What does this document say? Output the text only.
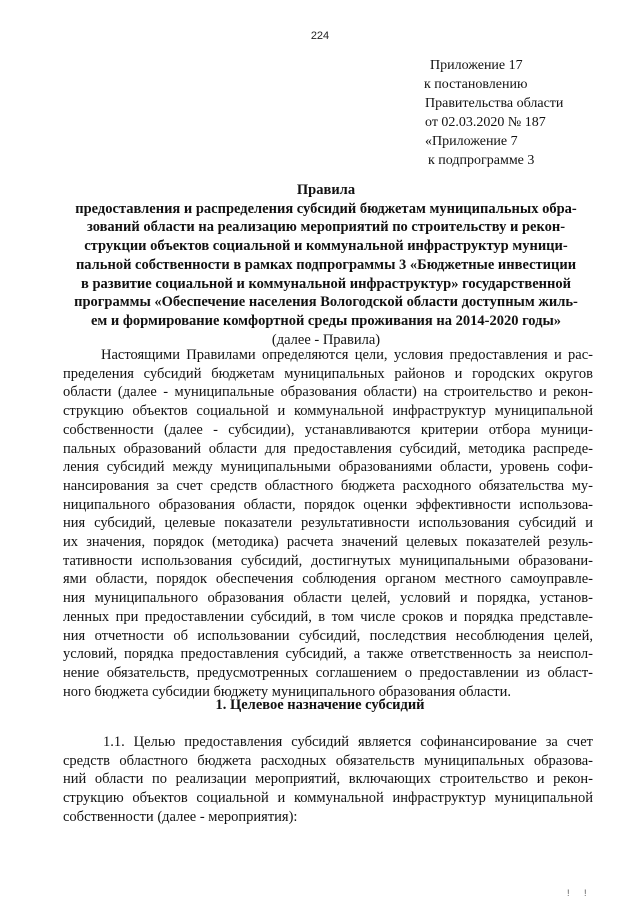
224
Приложение 17
к постановлению
Правительства области
от 02.03.2020 № 187
«Приложение 7
к подпрограмме 3
Правила
предоставления и распределения субсидий бюджетам муниципальных обра-
зований области на реализацию мероприятий по строительству и рекон-
струкции объектов социальной и коммунальной инфраструктур муници-
пальной собственности в рамках подпрограммы 3 «Бюджетные инвестиции
в развитие социальной и коммунальной инфраструктур» государственной
программы «Обеспечение населения Вологодской области доступным жиль-
ем и формирование комфортной среды проживания на 2014-2020 годы»
(далее - Правила)
Настоящими Правилами определяются цели, условия предоставления и рас-
пределения субсидий бюджетам муниципальных районов и городских округов
области (далее - муниципальные образования области) на строительство и рекон-
струкцию объектов социальной и коммунальной инфраструктур муниципальной
собственности (далее - субсидии), устанавливаются критерии отбора муници-
пальных образований области для предоставления субсидий, методика распреде-
ления субсидий между муниципальными образованиями области, уровень софи-
нансирования за счет средств областного бюджета расходного обязательства му-
ниципального образования области, порядок оценки эффективности использова-
ния субсидий, целевые показатели результативности использования субсидий и
их значения, порядок (методика) расчета значений целевых показателей резуль-
тативности использования субсидий, достигнутых муниципальными образовани-
ями области, порядок обеспечения соблюдения органом местного самоуправле-
ния муниципального образования области целей, условий и порядка, установ-
ленных при предоставлении субсидий, в том числе сроков и порядка представле-
ния отчетности об использовании субсидий, последствия несоблюдения целей,
условий, порядка предоставления субсидий, а также ответственность за неиспол-
нение обязательств, предусмотренных соглашением о предоставлении из област-
ного бюджета субсидии бюджету муниципального образования области.
1. Целевое назначение субсидий
1.1. Целью предоставления субсидий является софинансирование за счет
средств областного бюджета расходных обязательств муниципальных образова-
ний области по реализации мероприятий, включающих строительство и рекон-
струкцию объектов социальной и коммунальной инфраструктур муниципальной
собственности (далее - мероприятия):
! !
